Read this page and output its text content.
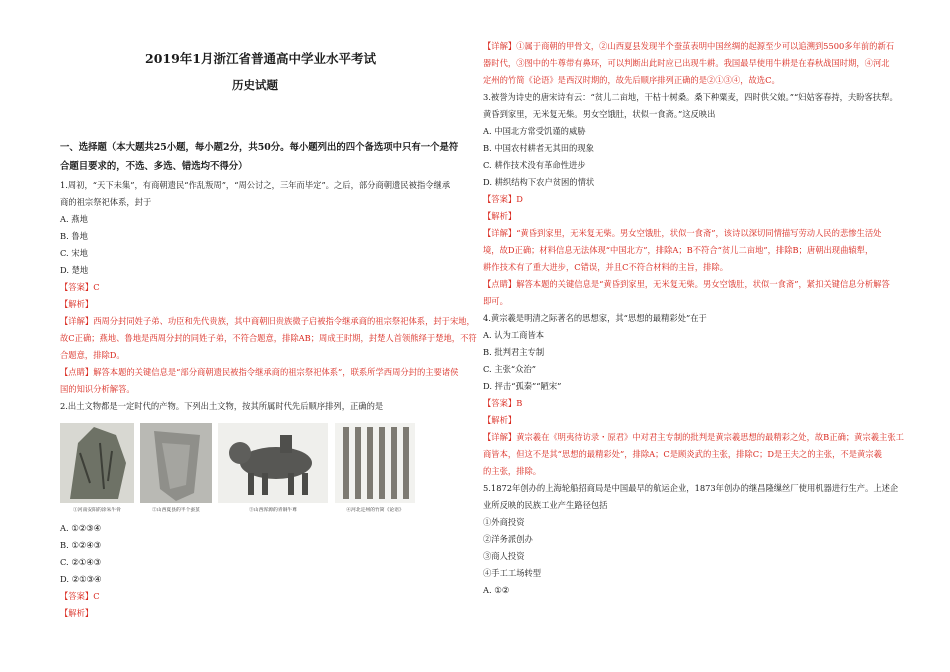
2019年1月浙江省普通高中学业水平考试
历史试题

一、选择题（本大题共25小题，每小题2分，共50分。每小题列出的四个备选项中只有一个是符

合题目要求的，不选、多选、错选均不得分）

1.周初，“天下未集”，有商朝遗民“作乱叛周”，“周公讨之，三年而毕定”。之后，部分商朝遗民被指令继承

商的祖宗祭祀体系，封于

A. 燕地

B. 鲁地

C. 宋地

D. 楚地

【答案】C

【解析】

【详解】西周分封同姓子弟、功臣和先代贵族，其中商朝旧贵族微子启被指令继承商的祖宗祭祀体系，封于宋地，

故C正确；燕地、鲁地是西周分封的同姓子弟，不符合题意，排除AB；周成王时期，封楚人首领熊绎于楚地，不符

合题意，排除D。

【点睛】解答本题的关键信息是“部分商朝遗民被指令继承商的祖宗祭祀体系”，联系所学西周分封的主要诸侯

国的知识分析解答。

2.出土文物都是一定时代的产物。下列出土文物，按其所属时代先后顺序排列，正确的是

①河南安阳的涂朱牛骨	②山西夏县的半个蚕茧	③山西浑源的青铜牛尊	④河北定州的竹简《论语》

A. ①②③④

B. ①②④③

C. ②①④③

D. ②①③④

【答案】C

【解析】

【详解】①属于商朝的甲骨文，②山西夏县发现半个蚕茧表明中国丝绸的起源至少可以追溯到5500多年前的新石

器时代，③图中的牛尊带有鼻环，可以判断出此时应已出现牛耕。我国最早使用牛耕是在春秋战国时期，④河北

定州的竹简《论语》是西汉时期的，故先后顺序排列正确的是②①③④，故选C。

3.被誉为诗史的唐宋诗有云：“贫儿二亩地，干枯十树桑。桑下种粟麦，四时供父娘。”“妇姑客春持，夫盼客扶犁。

黄昏到家里，无米复无柴。男女空饿肚，状似一食斋。”这反映出

A. 中国北方常受饥谨的威胁

B. 中国农村耕者无其田的现象

C. 耕作技术没有革命性进步

D. 耕织结构下农户贫困的情状

【答案】D

【解析】

【详解】“黄昏到家里，无米复无柴。男女空饿肚，状似一食斋”，该诗以深切同情描写劳动人民的悲惨生活处

境，故D正确；材料信息无法体现“中国北方”，排除A；B不符合“贫儿二亩地”，排除B；唐朝出现曲辕犁，

耕作技术有了重大进步，C错误，并且C不符合材料的主旨，排除。

【点睛】解答本题的关键信息是“黄昏到家里，无米复无柴。男女空饿肚，状似一食斋”，紧扣关键信息分析解答

即可。

4.黄宗羲是明清之际著名的思想家，其“思想的最精彩处”在于

A. 认为工商皆本

B. 批判君主专制

C. 主张“众治”

D. 抨击“孤秦”“陋宋”

【答案】B

【解析】

【详解】黄宗羲在《明夷待访录・原君》中对君主专制的批判是黄宗羲思想的最精彩之处，故B正确；黄宗羲主张工

商皆本，但这不是其“思想的最精彩处”，排除A；C是顾炎武的主张，排除C；D是王夫之的主张，不是黄宗羲

的主张，排除。

5.1872年创办的上海轮船招商局是中国最早的航运企业，1873年创办的继昌隆缫丝厂使用机器进行生产。上述企

业所反映的民族工业产生路径包括

①外商投资

②洋务派创办

③商人投资

④手工工场转型

A. ①②
